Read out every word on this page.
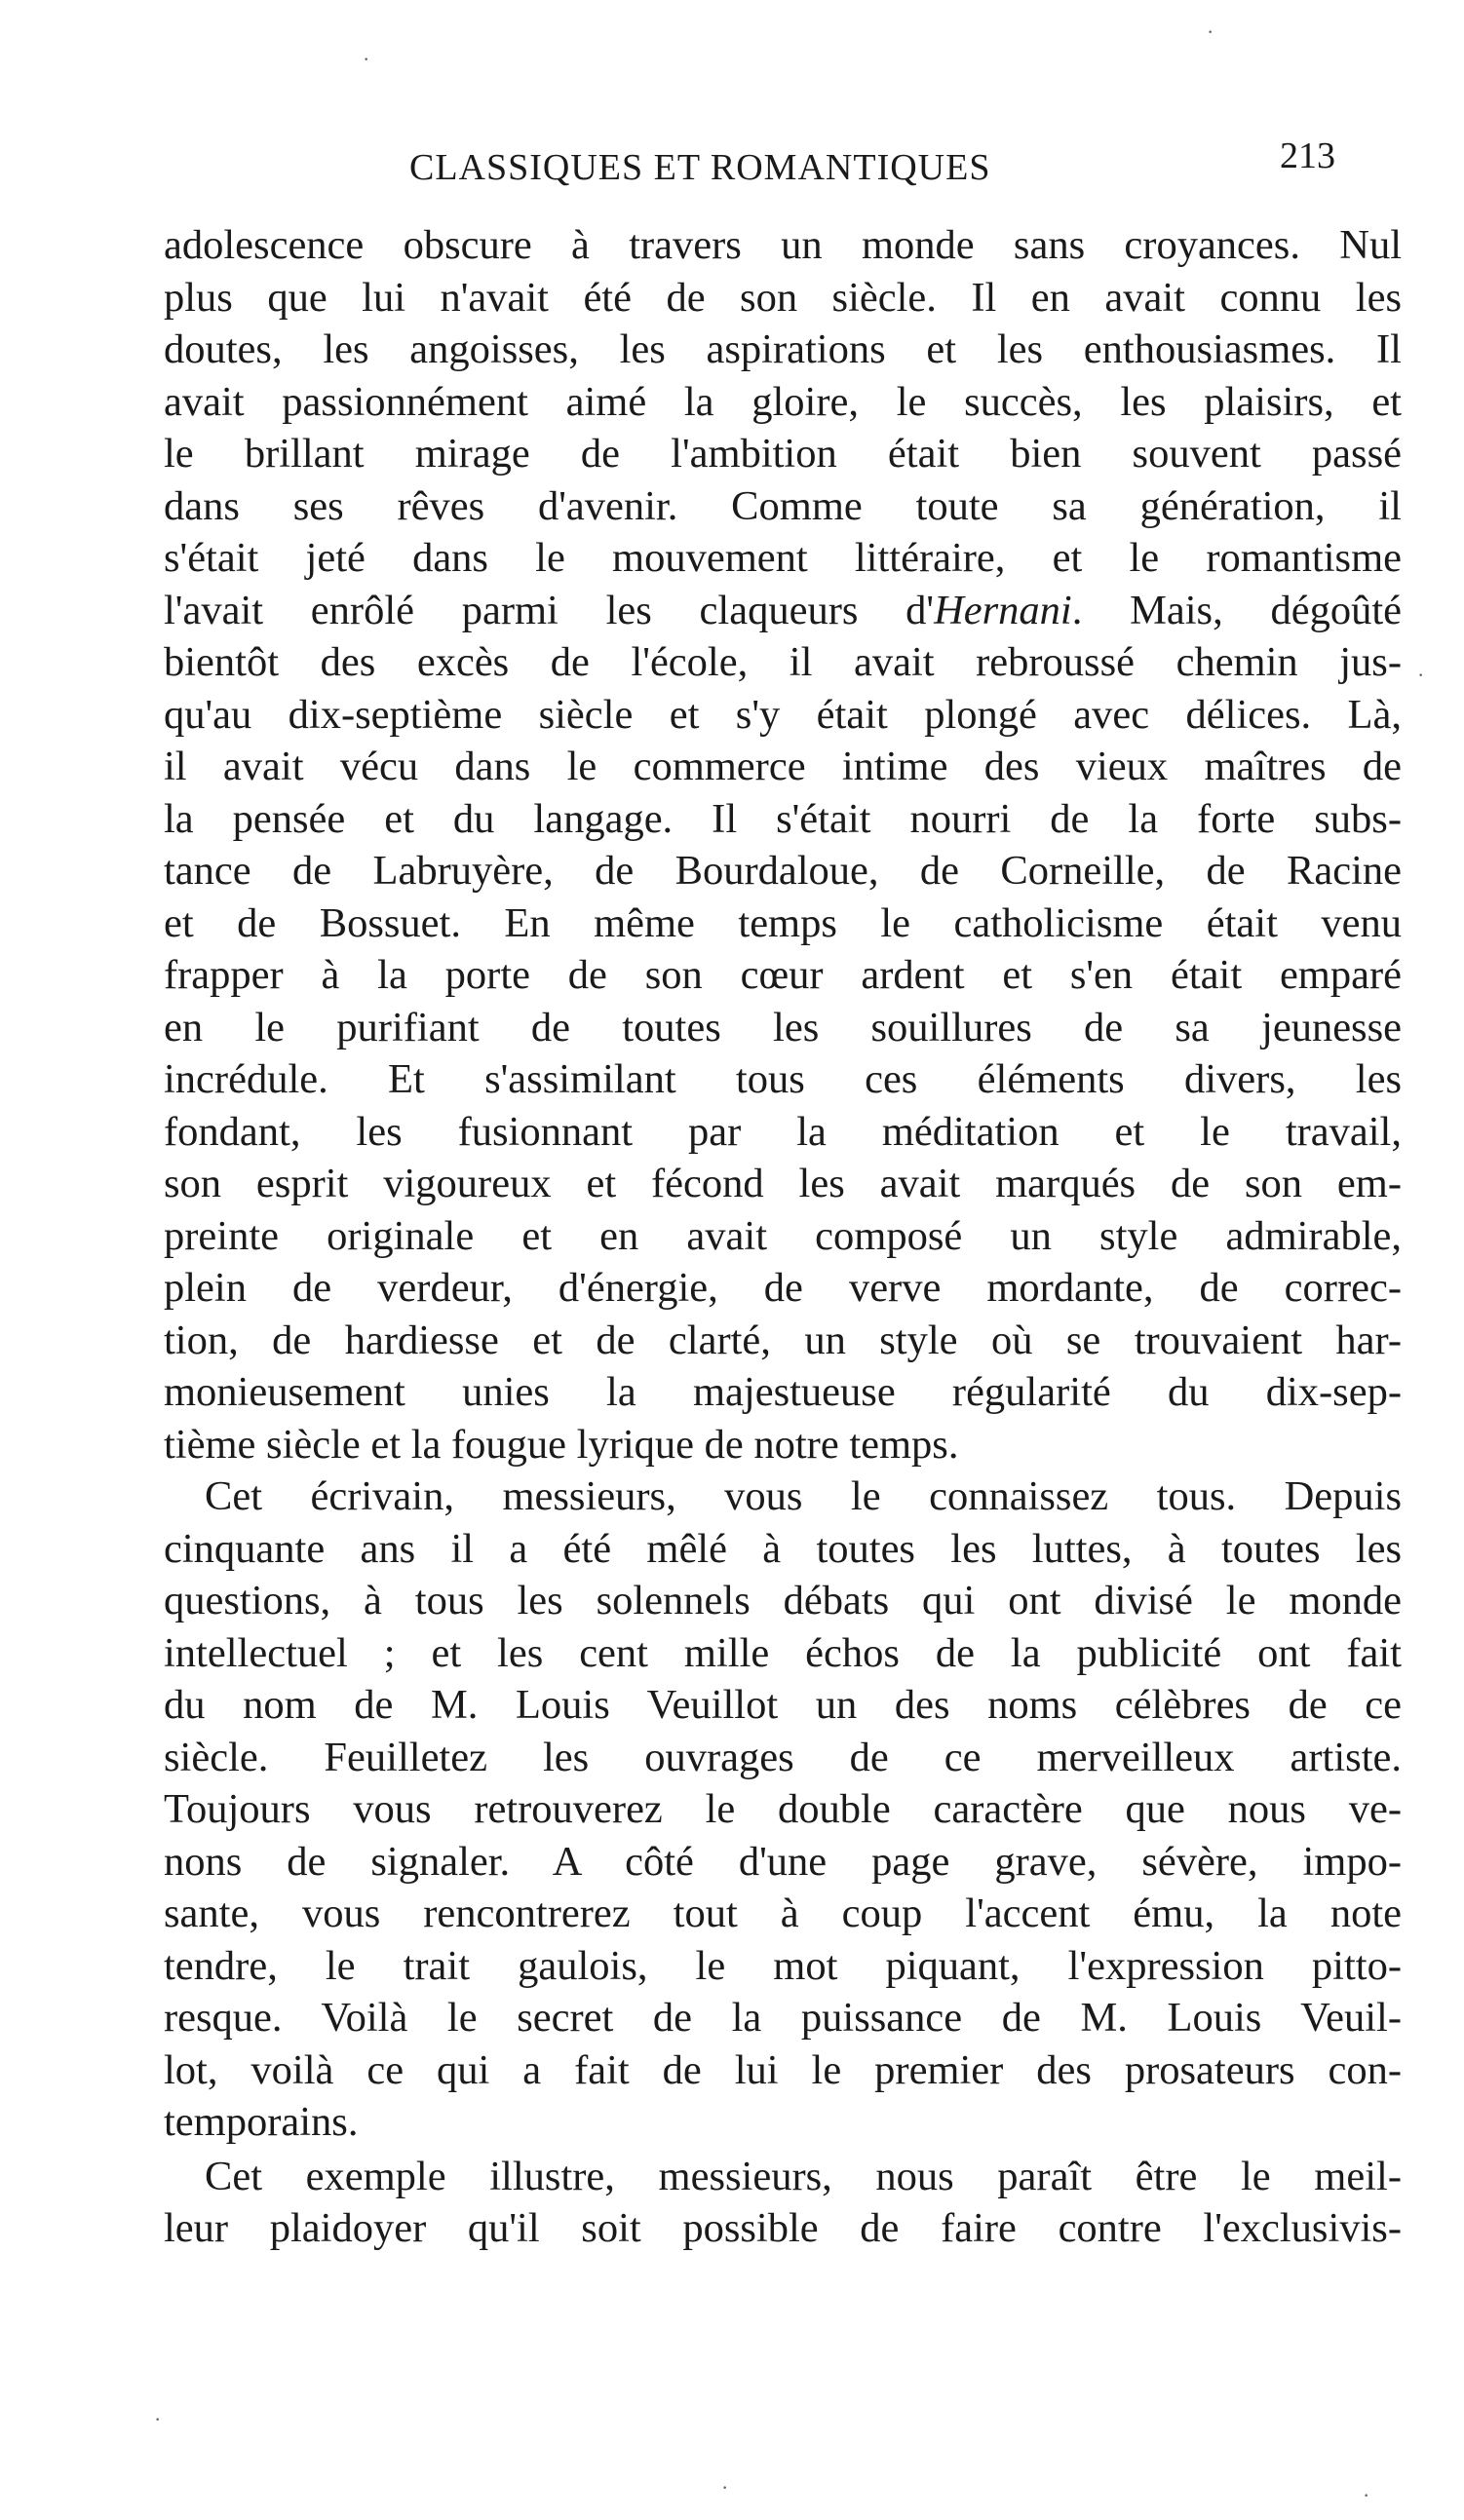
CLASSIQUES ET ROMANTIQUES	213
adolescence obscure à travers un monde sans croyances. Nul
plus que lui n'avait été de son siècle. Il en avait connu les
doutes, les angoisses, les aspirations et les enthousiasmes. Il
avait passionnément aimé la gloire, le succès, les plaisirs, et
le brillant mirage de l'ambition était bien souvent passé
dans ses rêves d'avenir. Comme toute sa génération, il
s'était jeté dans le mouvement littéraire, et le romantisme
l'avait enrôlé parmi les claqueurs d'Hernani. Mais, dégoûté
bientôt des excès de l'école, il avait rebroussé chemin jus-
qu'au dix-septième siècle et s'y était plongé avec délices. Là,
il avait vécu dans le commerce intime des vieux maîtres de
la pensée et du langage. Il s'était nourri de la forte subs-
tance de Labruyère, de Bourdaloue, de Corneille, de Racine
et de Bossuet. En même temps le catholicisme était venu
frapper à la porte de son cœur ardent et s'en était emparé
en le purifiant de toutes les souillures de sa jeunesse
incrédule. Et s'assimilant tous ces éléments divers, les
fondant, les fusionnant par la méditation et le travail,
son esprit vigoureux et fécond les avait marqués de son em-
preinte originale et en avait composé un style admirable,
plein de verdeur, d'énergie, de verve mordante, de correc-
tion, de hardiesse et de clarté, un style où se trouvaient har-
monieusement unies la majestueuse régularité du dix-sep-
tième siècle et la fougue lyrique de notre temps.
Cet écrivain, messieurs, vous le connaissez tous. Depuis
cinquante ans il a été mêlé à toutes les luttes, à toutes les
questions, à tous les solennels débats qui ont divisé le monde
intellectuel ; et les cent mille échos de la publicité ont fait
du nom de M. Louis Veuillot un des noms célèbres de ce
siècle. Feuilletez les ouvrages de ce merveilleux artiste.
Toujours vous retrouverez le double caractère que nous ve-
nons de signaler. A côté d'une page grave, sévère, impo-
sante, vous rencontrerez tout à coup l'accent ému, la note
tendre, le trait gaulois, le mot piquant, l'expression pitto-
resque. Voilà le secret de la puissance de M. Louis Veuil-
lot, voilà ce qui a fait de lui le premier des prosateurs con-
temporains.
Cet exemple illustre, messieurs, nous paraît être le meil-
leur plaidoyer qu'il soit possible de faire contre l'exclusivis-
·
·
·
·
·	·
